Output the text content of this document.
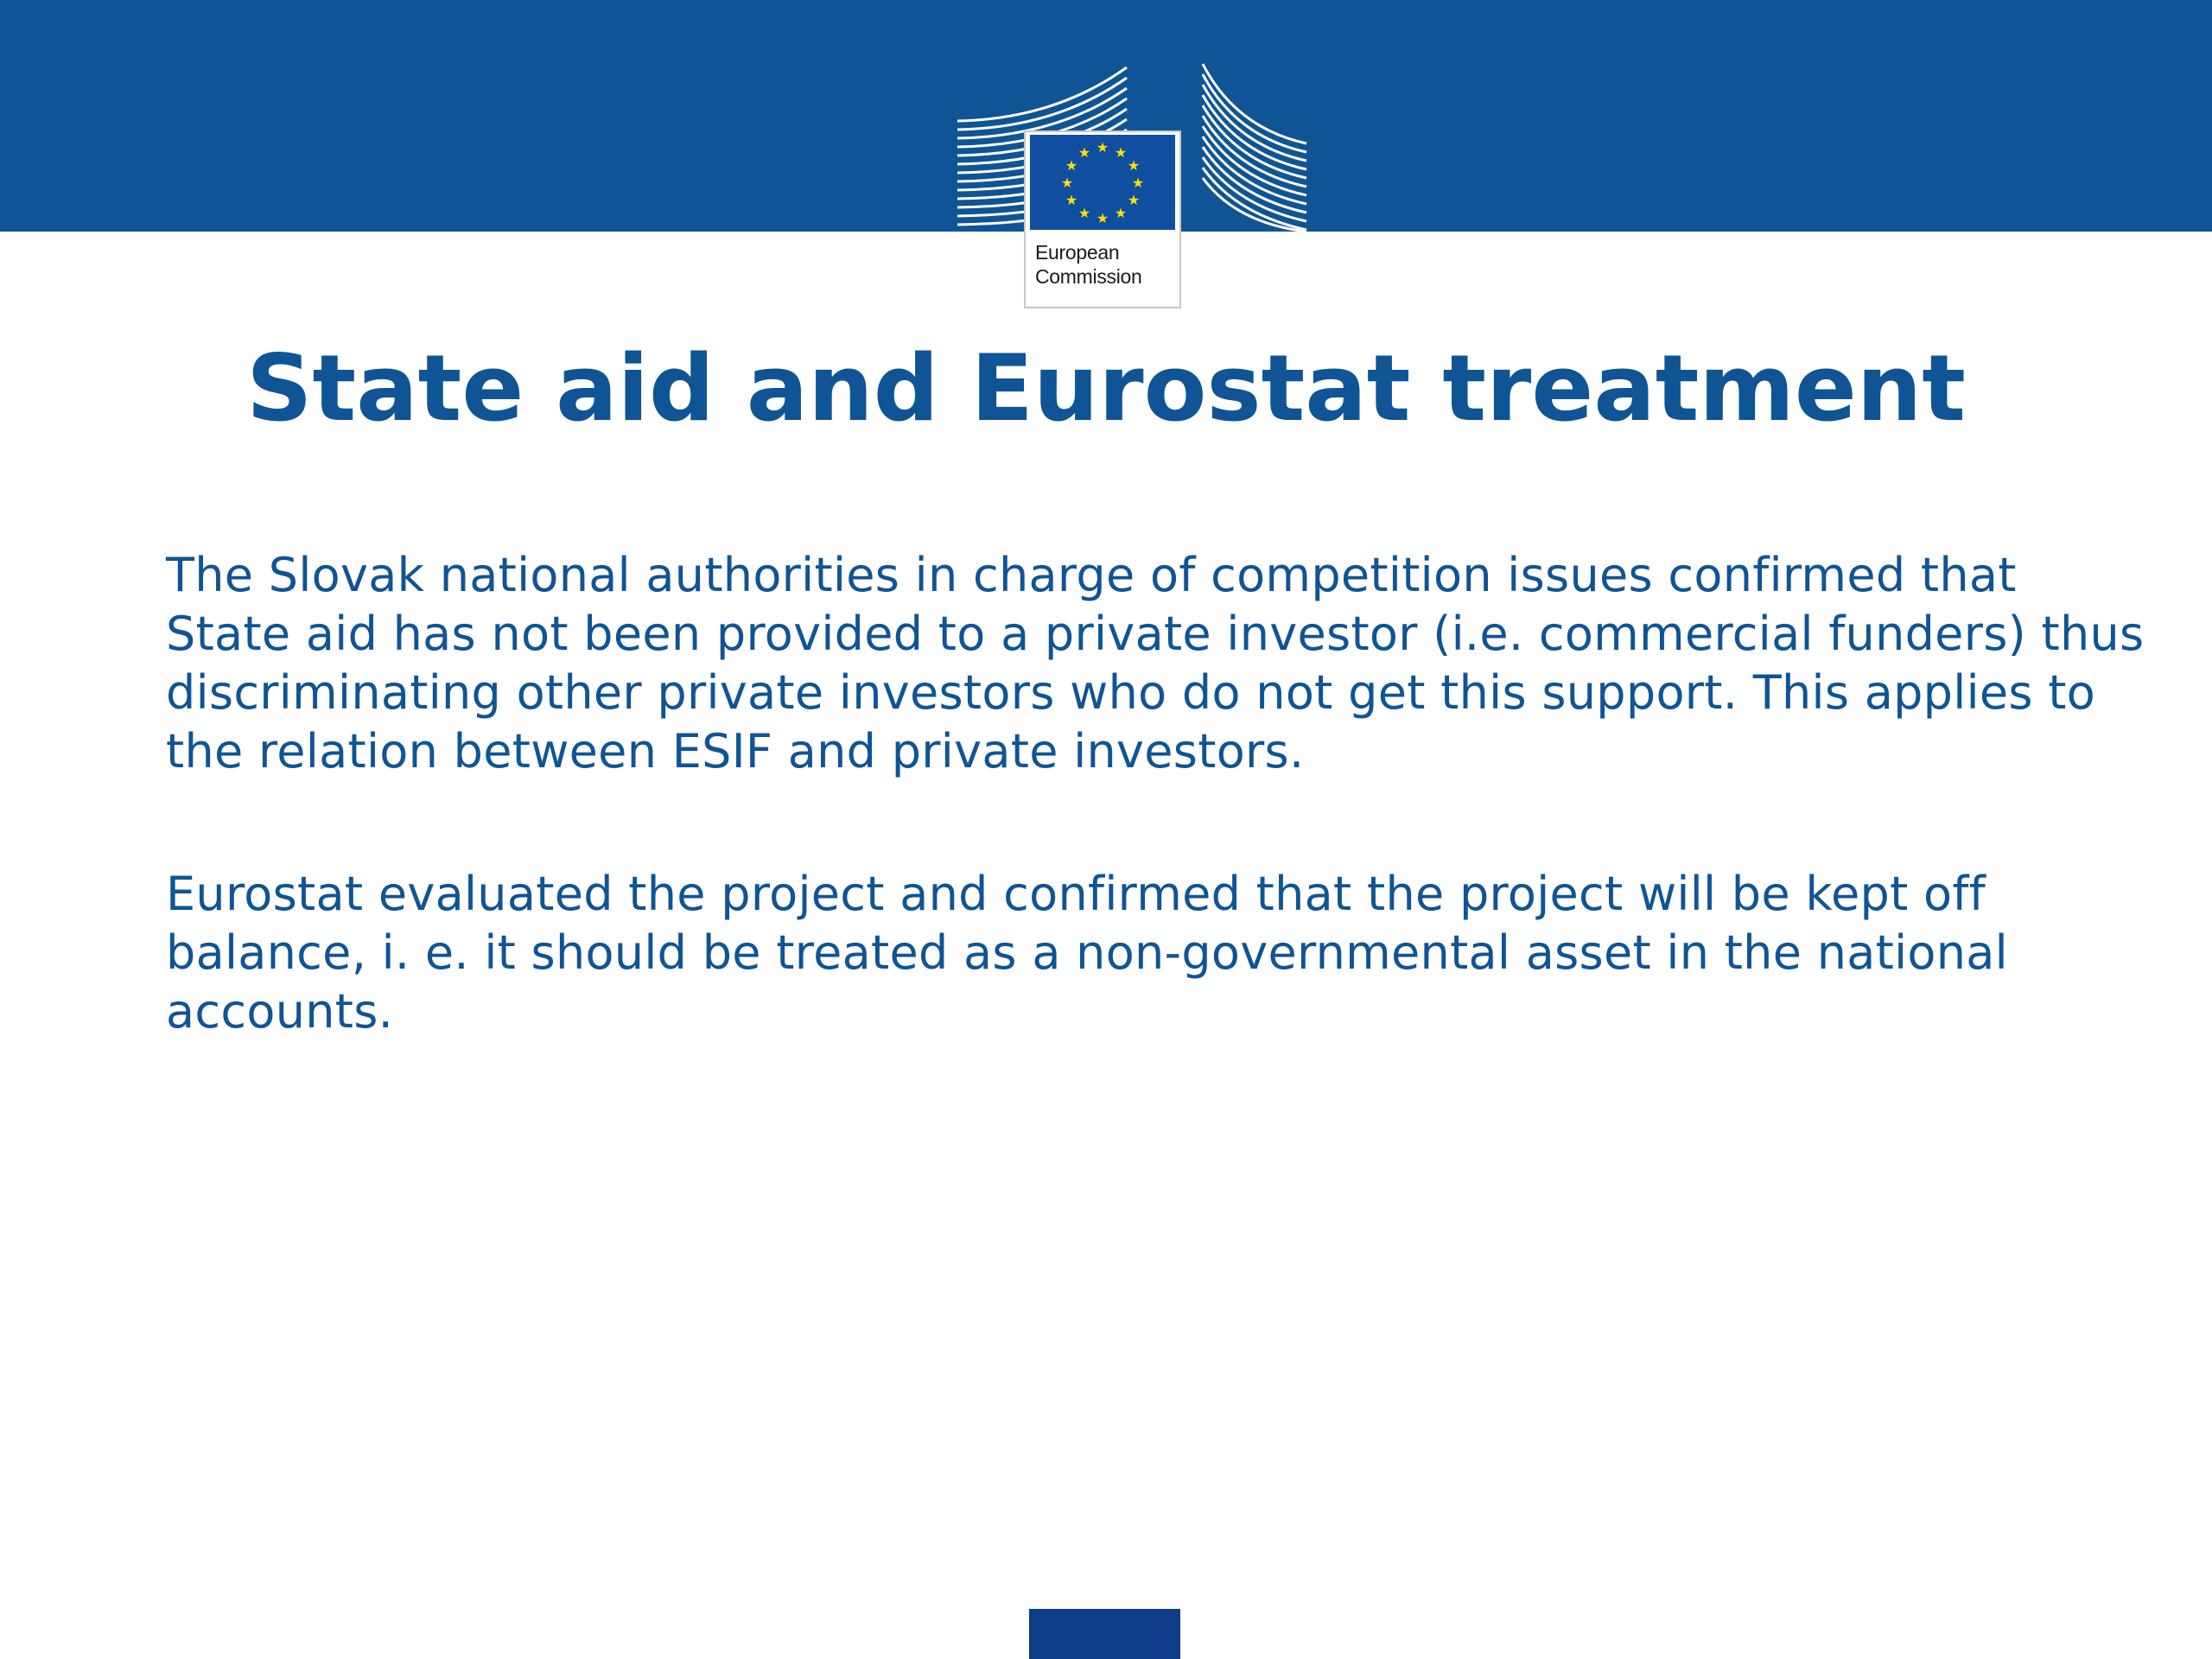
★ ★
★
★
★
★
★
★
★
★
★
★
European
Commission
State aid and Eurostat treatment

The Slovak national authorities in charge of competition issues confirmed that State aid has not been provided to a private investor (i.e. commercial funders) thus discriminating other private investors who do not get this support. This applies to the relation between ESIF and private investors.

Eurostat evaluated the project and confirmed that the project will be kept off balance, i. e. it should be treated as a non-governmental asset in the national accounts.
